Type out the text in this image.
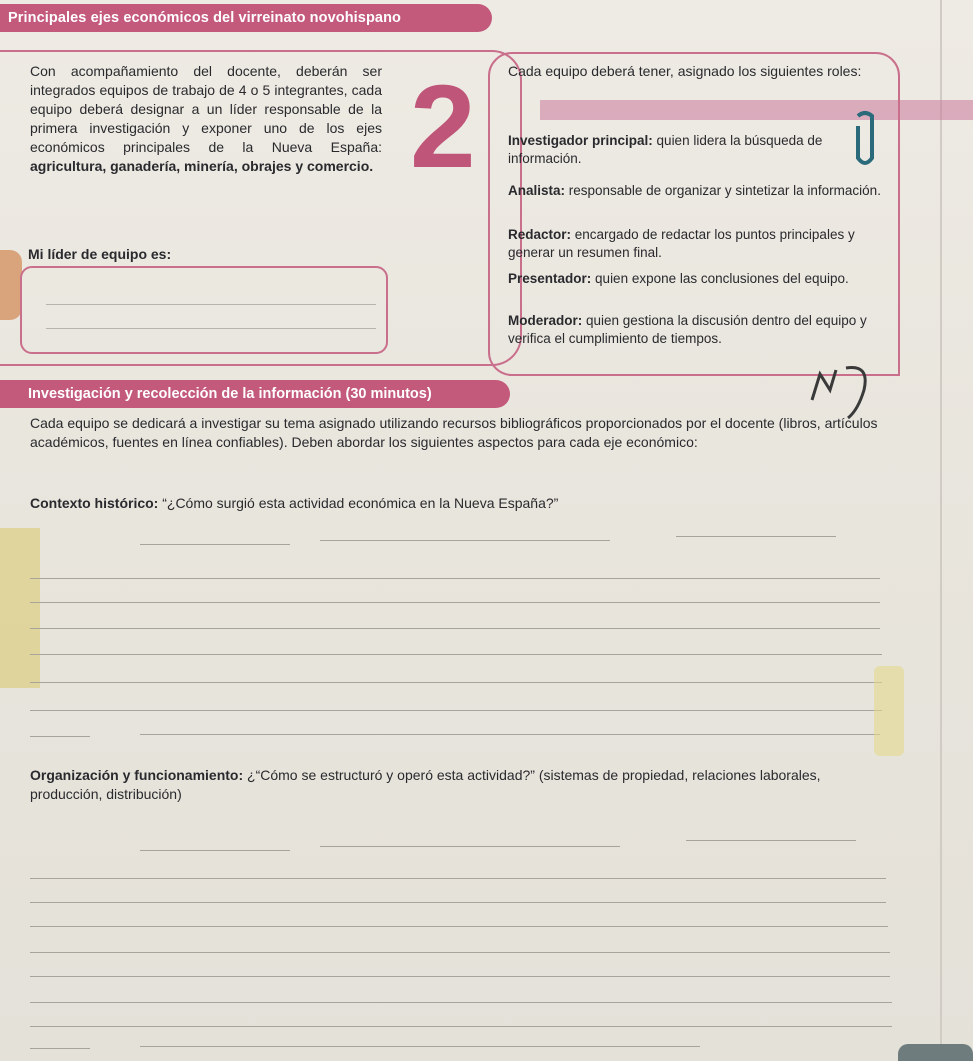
Principales ejes económicos del virreinato novohispano
Con acompañamiento del docente, deberán ser integrados equipos de trabajo de 4 o 5 integrantes, cada equipo deberá designar a un líder responsable de la primera investigación y exponer uno de los ejes económicos principales de la Nueva España: agricultura, ganadería, minería, obrajes y comercio.
Mi líder de equipo es:
2 Cada equipo deberá tener, asignado los siguientes roles:
Investigador principal: quien lidera la búsqueda de información.
Analista: responsable de organizar y sintetizar la información.
Redactor: encargado de redactar los puntos principales y generar un resumen final.
Presentador: quien expone las conclusiones del equipo.
Moderador: quien gestiona la discusión dentro del equipo y verifica el cumplimiento de tiempos.
Investigación y recolección de la información (30 minutos)
Cada equipo se dedicará a investigar su tema asignado utilizando recursos bibliográficos proporcionados por el docente (libros, artículos académicos, fuentes en línea confiables). Deben abordar los siguientes aspectos para cada eje económico:
Contexto histórico: “¿Cómo surgió esta actividad económica en la Nueva España?”
Organización y funcionamiento: ¿“Cómo se estructuró y operó esta actividad?” (sistemas de propiedad, relaciones laborales, producción, distribución)
